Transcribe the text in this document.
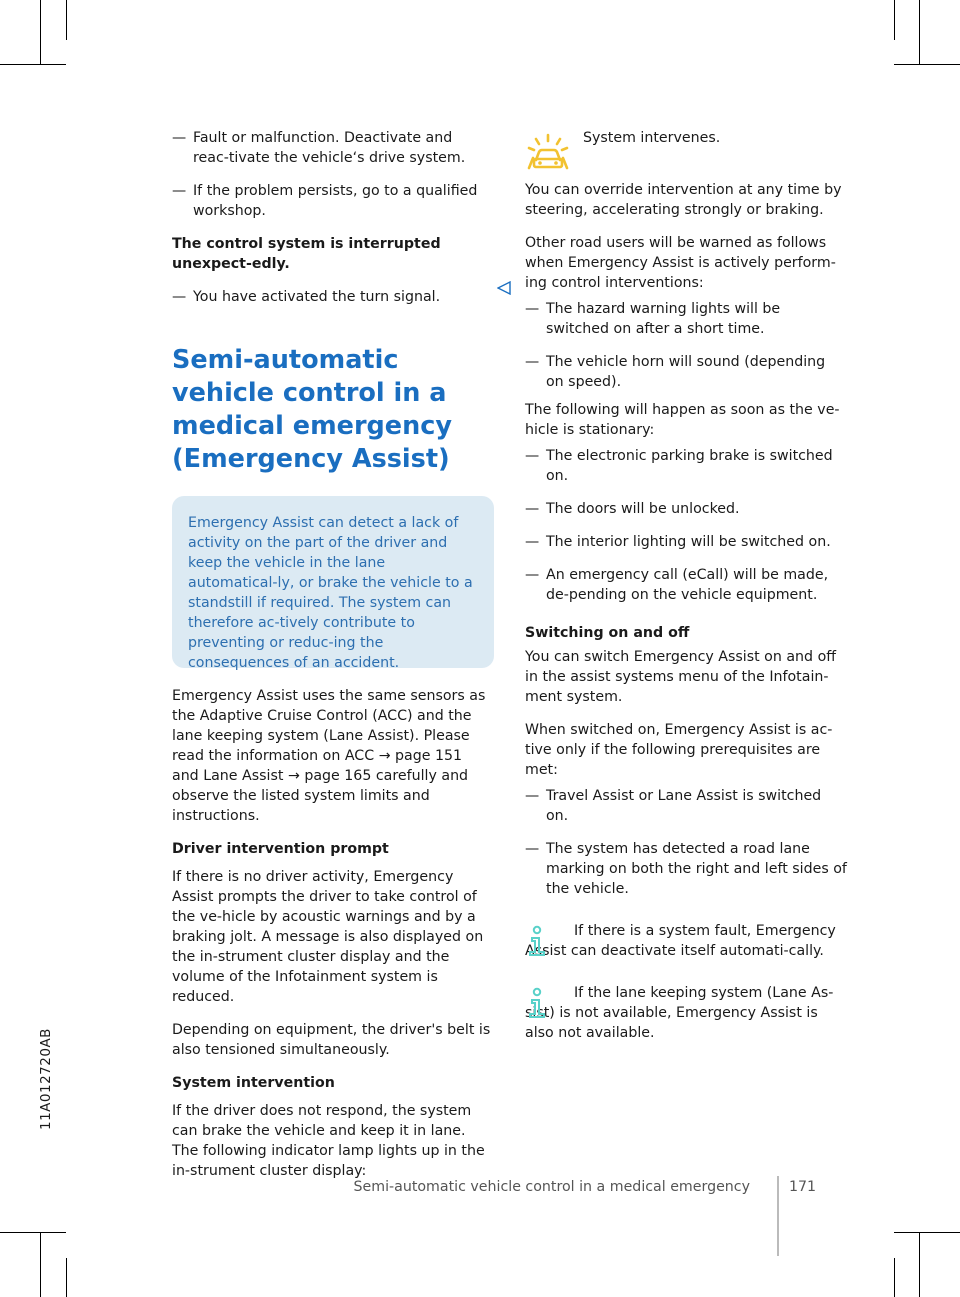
— Fault or malfunction. Deactivate and reac-tivate the vehicle‘s drive system.
— If the problem persists, go to a qualified workshop.

The control system is interrupted unexpect-edly.

— You have activated the turn signal.
Semi-automatic vehicle control in a medical emergency (Emergency Assist)
Emergency Assist can detect a lack of activity on the part of the driver and keep the vehicle in the lane automatical-ly, or brake the vehicle to a standstill if required. The system can therefore ac-tively contribute to preventing or reduc-ing the consequences of an accident.

Emergency Assist uses the same sensors as the Adaptive Cruise Control (ACC) and the lane keeping system (Lane Assist). Please read the information on ACC → page 151 and Lane Assist → page 165 carefully and observe the listed system limits and instructions.

Driver intervention prompt

If there is no driver activity, Emergency Assist prompts the driver to take control of the ve-hicle by acoustic warnings and by a braking jolt. A message is also displayed on the in-strument cluster display and the volume of the Infotainment system is reduced.

Depending on equipment, the driver's belt is also tensioned simultaneously.

System intervention

If the driver does not respond, the system can brake the vehicle and keep it in lane. The following indicator lamp lights up in the in-strument cluster display:

System intervenes.

You can override intervention at any time by steering, accelerating strongly or braking.

Other road users will be warned as follows when Emergency Assist is actively perform-ing control interventions:

— The hazard warning lights will be switched on after a short time.
— The vehicle horn will sound (depending on speed).

The following will happen as soon as the ve-hicle is stationary:

— The electronic parking brake is switched on.
— The doors will be unlocked.
— The interior lighting will be switched on.
— An emergency call (eCall) will be made, de-pending on the vehicle equipment.

Switching on and off

You can switch Emergency Assist on and off in the assist systems menu of the Infotain-ment system.

When switched on, Emergency Assist is ac-tive only if the following prerequisites are met:

— Travel Assist or Lane Assist is switched on.
— The system has detected a road lane marking on both the right and left sides of the vehicle.
If there is a system fault, Emergency Assist can deactivate itself automati-cally.
If the lane keeping system (Lane As-sist) is not available, Emergency Assist is also not available.
11A012720AB
Semi-automatic vehicle control in a medical emergency	171
